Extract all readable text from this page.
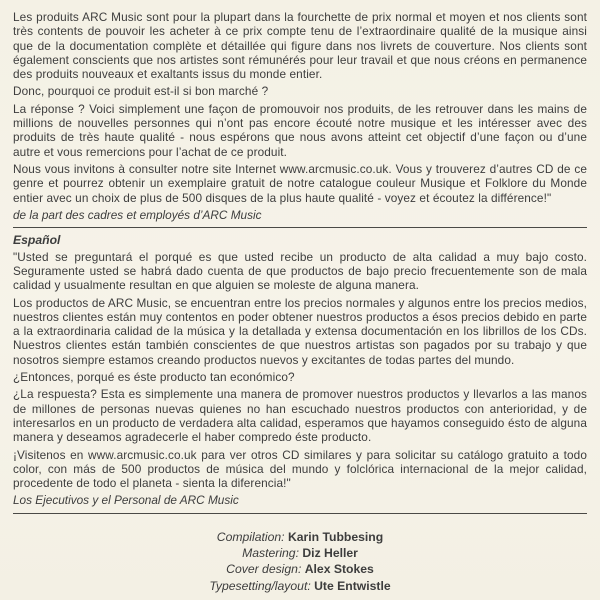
Les produits ARC Music sont pour la plupart dans la fourchette de prix normal et moyen et nos clients sont très contents de pouvoir les acheter à ce prix compte tenu de l’extraordinaire qualité de la musique ainsi que de la documentation complète et détaillée qui figure dans nos livrets de couverture. Nos clients sont également conscients que nos artistes sont rémunérés pour leur travail et que nous créons en permanence des produits nouveaux et exaltants issus du monde entier.

Donc, pourquoi ce produit est-il si bon marché ?

La réponse ? Voici simplement une façon de promouvoir nos produits, de les retrouver dans les mains de millions de nouvelles personnes qui n’ont pas encore écouté notre musique et les intéresser avec des produits de très haute qualité - nous espérons que nous avons atteint cet objectif d’une façon ou d’une autre et vous remercions pour l’achat de ce produit.

Nous vous invitons à consulter notre site Internet www.arcmusic.co.uk. Vous y trouverez d’autres CD de ce genre et pourrez obtenir un exemplaire gratuit de notre catalogue couleur Musique et Folklore du Monde entier avec un choix de plus de 500 disques de la plus haute qualité - voyez et écoutez la différence!"

de la part des cadres et employés d’ARC Music

Español

"Usted se preguntará el porqué es que usted recibe un producto de alta calidad a muy bajo costo. Seguramente usted se habrá dado cuenta de que productos de bajo precio frecuentemente son de mala calidad y usualmente resultan en que alguien se moleste de alguna manera.

Los productos de ARC Music, se encuentran entre los precios normales y algunos entre los precios medios, nuestros clientes están muy contentos en poder obtener nuestros productos a ésos precios debido en parte a la extraordinaria calidad de la música y la detallada y extensa documentación en los librillos de los CDs. Nuestros clientes están también conscientes de que nuestros artistas son pagados por su trabajo y que nosotros siempre estamos creando productos nuevos y excitantes de todas partes del mundo.

¿Entonces, porqué es éste producto tan económico?

¿La respuesta? Esta es simplemente una manera de promover nuestros productos y llevarlos a las manos de millones de personas nuevas quienes no han escuchado nuestros productos con anterioridad, y de interesarlos en un producto de verdadera alta calidad, esperamos que hayamos conseguido ésto de alguna manera y deseamos agradecerle el haber compredo éste producto.

¡Visitenos en www.arcmusic.co.uk para ver otros CD similares y para solicitar su catálogo gratuito a todo color, con más de 500 productos de música del mundo y folclórica internacional de la mejor calidad, procedente de todo el planeta - sienta la diferencia!"

Los Ejecutivos y el Personal de ARC Music

Compilation: Karin Tubbesing
Mastering: Diz Heller
Cover design: Alex Stokes
Typesetting/layout: Ute Entwistle
